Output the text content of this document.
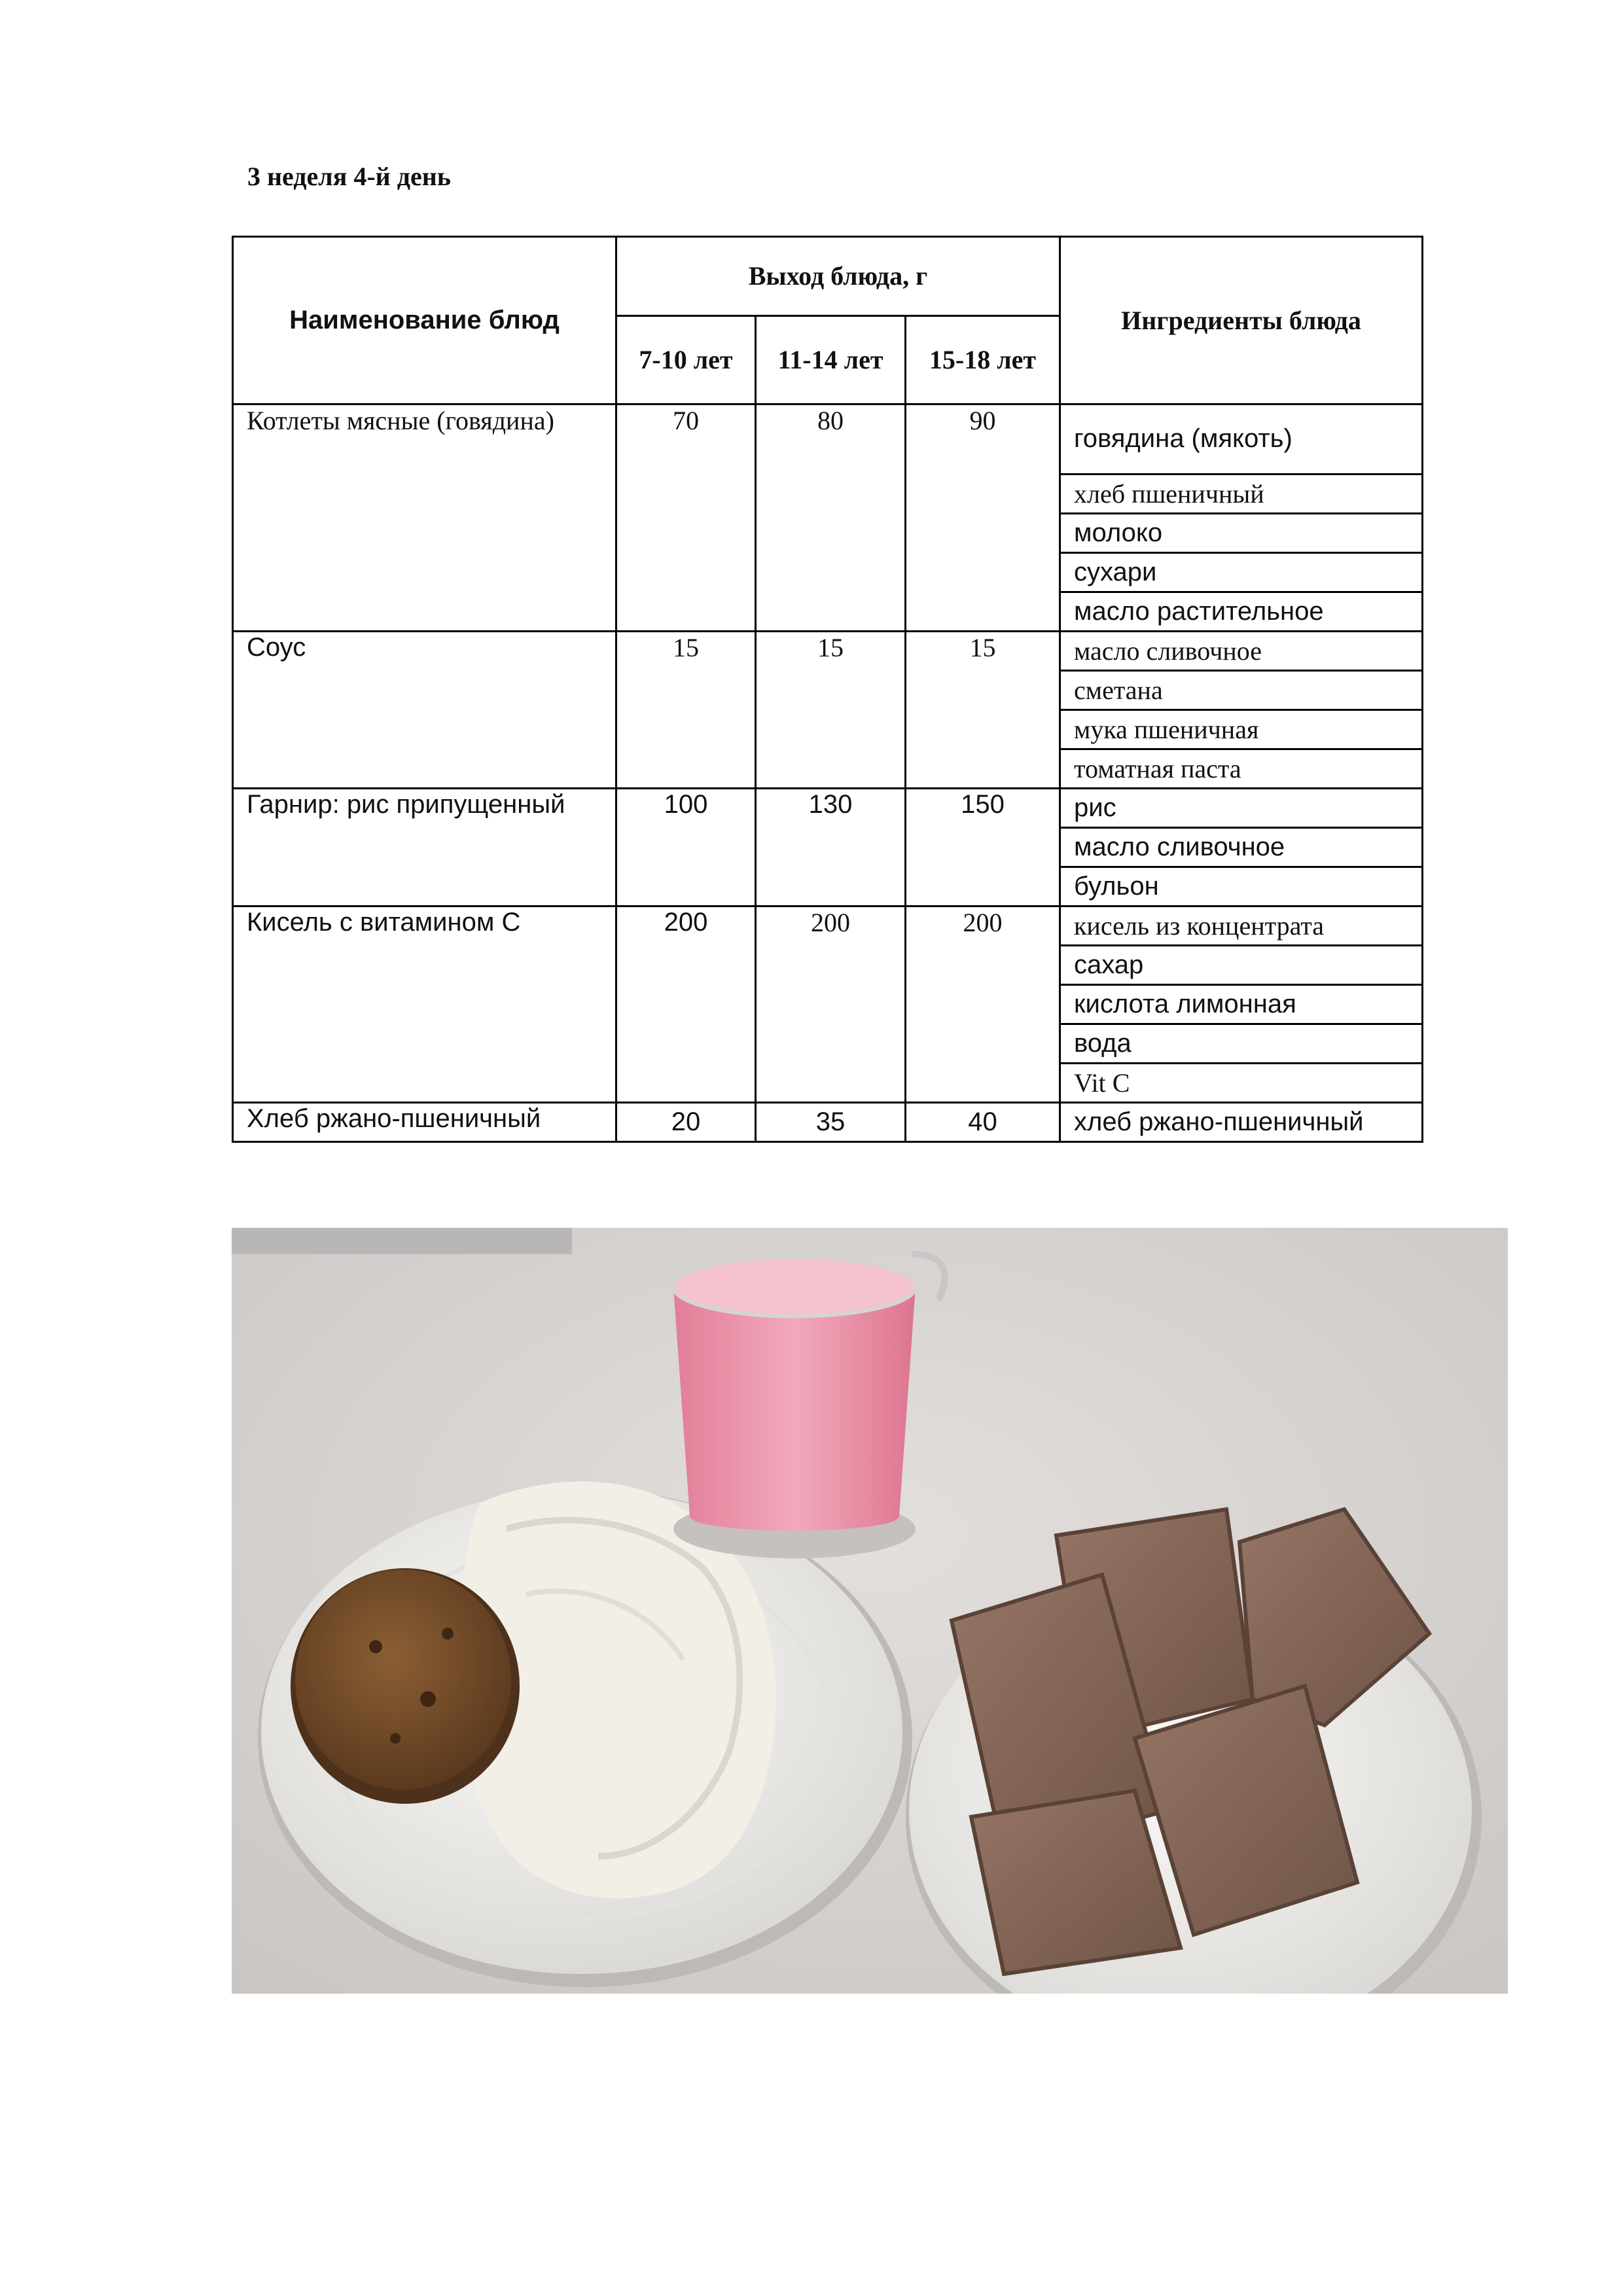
3 неделя 4-й день
Наименование блюд	Выход блюда, г			Ингредиенты блюда
	7-10 лет	11-14 лет	15-18 лет	
Котлеты мясные (говядина)	70	80	90	говядина (мякоть)
				хлеб пшеничный
				молоко
				сухари
				масло растительное
Соус	15	15	15	масло сливочное
				сметана
				мука пшеничная
				томатная паста
Гарнир: рис припущенный	100	130	150	рис
				масло сливочное
				бульон
Кисель с витамином С	200	200	200	кисель из концентрата
				сахар
				кислота лимонная
				вода
				Vit C
Хлеб ржано-пшеничный	20	35	40	хлеб ржано-пшеничный
